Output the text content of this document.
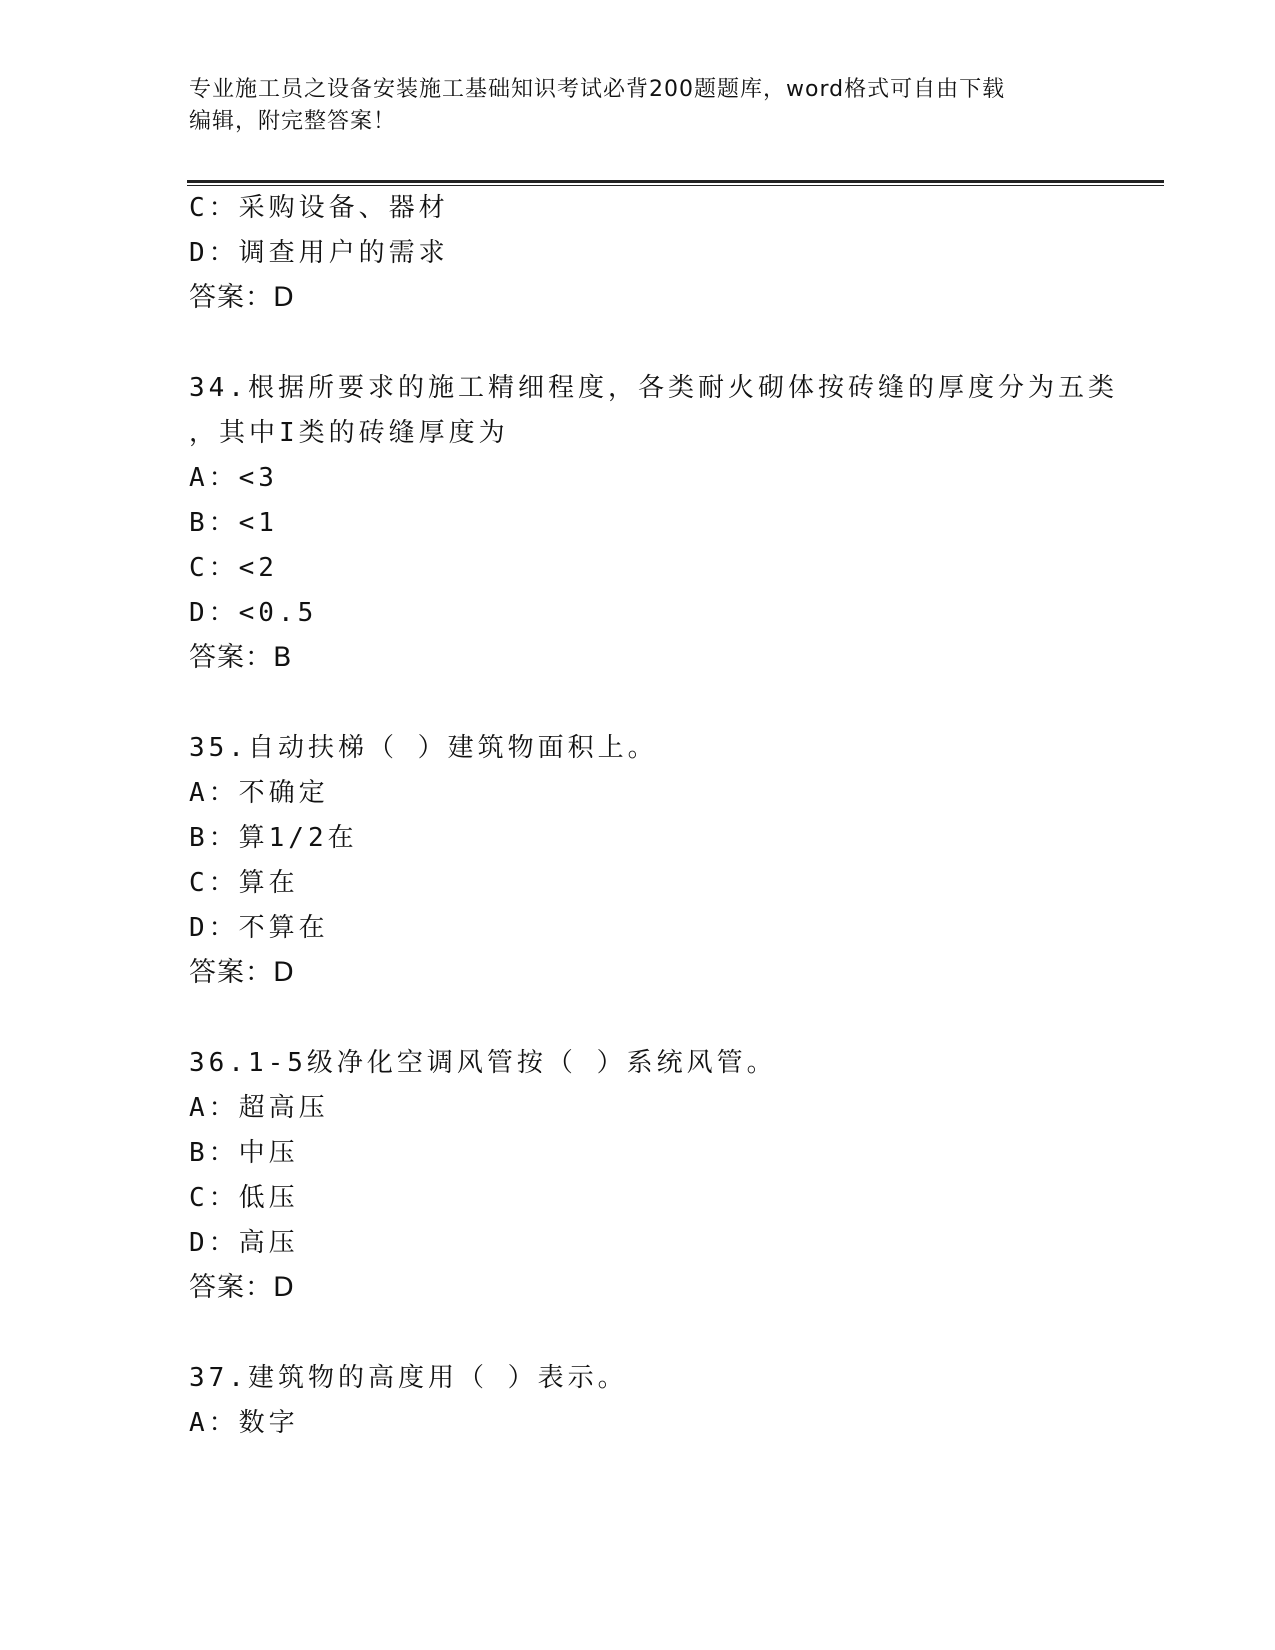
专业施工员之设备安装施工基础知识考试必背200题题库，word格式可自由下载
编辑，附完整答案！
C：采购设备、器材
D：调查用户的需求
答案：D
34.根据所要求的施工精细程度，各类耐火砌体按砖缝的厚度分为五类
，其中I类的砖缝厚度为
A：<3
B：<1
C：<2
D：<0.5
答案：B
35.自动扶梯（ ）建筑物面积上。
A：不确定
B：算1/2在
C：算在
D：不算在
答案：D
36.1-5级净化空调风管按（ ）系统风管。
A：超高压
B：中压
C：低压
D：高压
答案：D
37.建筑物的高度用（ ）表示。
A：数字
